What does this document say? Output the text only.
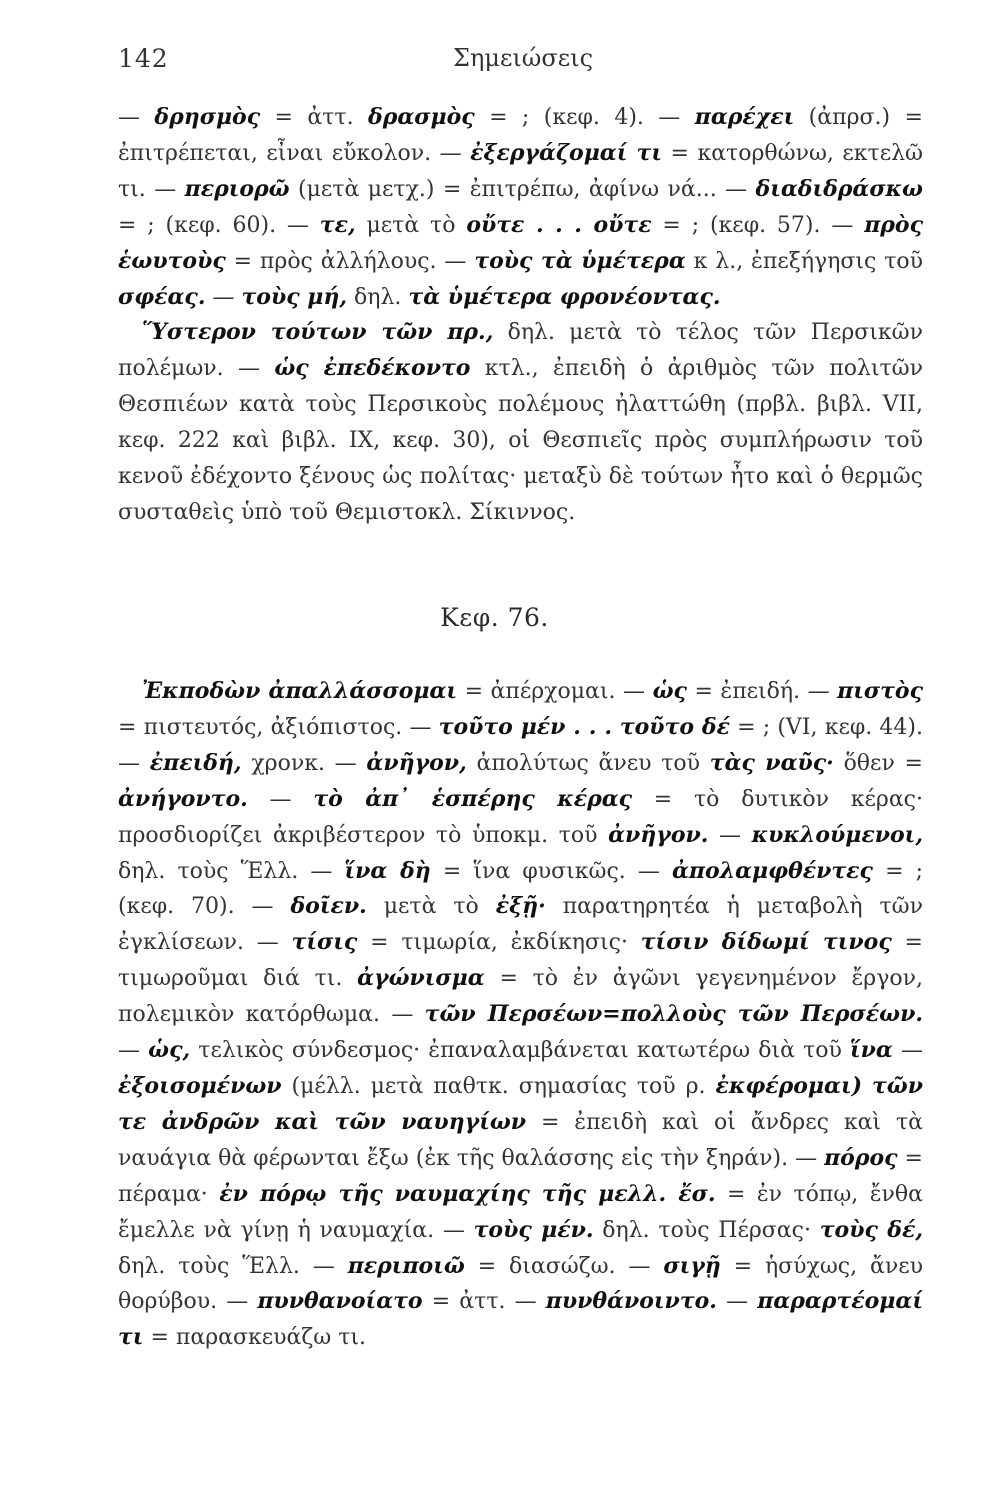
142	Σημειώσεις

— δρησμὸς = ἀττ. δρασμὸς = ; (κεφ. 4). — παρέχει (ἀπρσ.) = ἐπιτρέπεται, εἶναι εὔκολον. — ἐξεργάζομαί τι = κατορθώνω, εκτελῶ τι. — περιορῶ (μετὰ μετχ.) = ἐπιτρέπω, ἀφίνω νά... — διαδιδράσκω = ; (κεφ. 60). — τε, μετὰ τὸ οὔτε . . . οὔτε = ; (κεφ. 57). — πρὸς ἑωυτοὺς = πρὸς ἀλλήλους. — τοὺς τὰ ὑμέτερα κ λ., ἐπεξήγησις τοῦ σφέας. — τοὺς μή, δηλ. τὰ ὑμέτερα φρονέοντας.

Ὕστερον τούτων τῶν πρ., δηλ. μετὰ τὸ τέλος τῶν Περσικῶν πολέμων. — ὡς ἐπεδέκοντο κτλ., ἐπειδὴ ὁ ἀριθμὸς τῶν πολιτῶν Θεσπιέων κατὰ τοὺς Περσικοὺς πολέμους ἠλαττώθη (πρβλ. βιβλ. VII, κεφ. 222 καὶ βιβλ. IX, κεφ. 30), οἱ Θεσπιεῖς πρὸς συμπλήρωσιν τοῦ κενοῦ ἐδέχοντο ξένους ὡς πολίτας· μεταξὺ δὲ τούτων ἦτο καὶ ὁ θερμῶς συσταθεὶς ὑπὸ τοῦ Θεμιστοκλ. Σίκιννος.

Κεφ. 76.

Ἐκποδὼν ἀπαλλάσσομαι = ἀπέρχομαι. — ὡς = ἐπειδή. — πιστὸς = πιστευτός, ἀξιόπιστος. — τοῦτο μέν . . . τοῦτο δέ = ; (VI, κεφ. 44). — ἐπειδή, χρονκ. — ἀνῆγον, ἀπολύτως ἄνευ τοῦ τὰς ναῦς· ὅθεν = ἀνήγοντο. — τὸ ἀπ᾽ ἑσπέρης κέρας = τὸ δυτικὸν κέρας· προσδιορίζει ἀκριβέστερον τὸ ὑποκμ. τοῦ ἀνῆγον. — κυκλούμενοι, δηλ. τοὺς Ἕλλ. — ἵνα δὴ = ἵνα φυσικῶς. — ἀπολαμφθέντες = ; (κεφ. 70). — δοῖεν. μετὰ τὸ ἐξῇ· παρατηρητέα ἡ μεταβολὴ τῶν ἐγκλίσεων. — τίσις = τιμωρία, ἐκδίκησις· τίσιν δίδωμί τινος = τιμωροῦμαι διά τι. ἀγώνισμα = τὸ ἐν ἀγῶνι γεγενημένον ἔργον, πολεμικὸν κατόρθωμα. — τῶν Περσέων=πολλοὺς τῶν Περσέων. — ὡς, τελικὸς σύνδεσμος· ἐπαναλαμβάνεται κατωτέρω διὰ τοῦ ἵνα — ἐξοισομένων (μέλλ. μετὰ παθτκ. σημασίας τοῦ ρ. ἐκφέρομαι) τῶν τε ἀνδρῶν καὶ τῶν ναυηγίων = ἐπειδὴ καὶ οἱ ἄνδρες καὶ τὰ ναυάγια θὰ φέρωνται ἔξω (ἐκ τῆς θαλάσσης εἰς τὴν ξηράν). — πόρος = πέραμα· ἐν πόρῳ τῆς ναυμαχίης τῆς μελλ. ἔσ. = ἐν τόπῳ, ἔνθα ἔμελλε νὰ γίνῃ ἡ ναυμαχία. — τοὺς μέν. δηλ. τοὺς Πέρσας· τοὺς δέ, δηλ. τοὺς Ἕλλ. — περιποιῶ = διασώζω. — σιγῇ = ἡσύχως, ἄνευ θορύβου. — πυνθανοίατο = ἀττ. — πυνθάνοιντο. — παραρτέομαί τι = παρασκευάζω τι.
